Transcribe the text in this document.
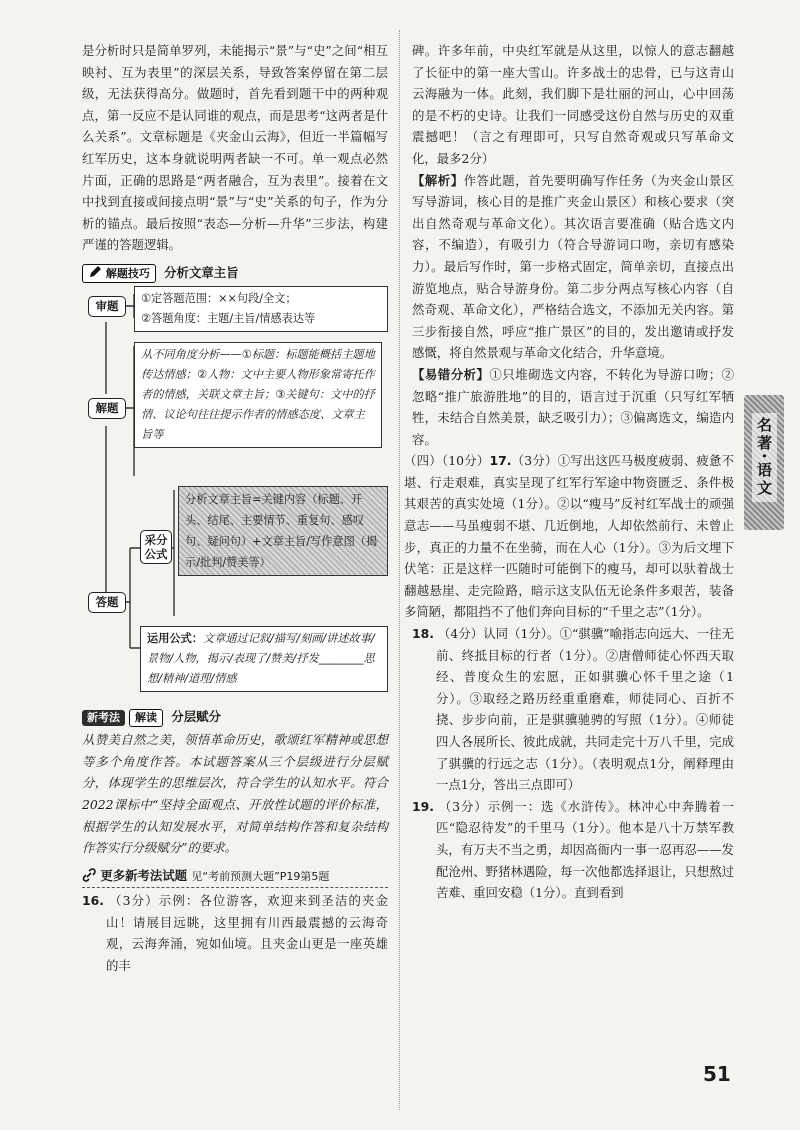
是分析时只是简单罗列，未能揭示“景”与“史”之间“相互映衬、互为表里”的深层关系，导致答案停留在第二层级，无法获得高分。做题时，首先看到题干中的两种观点，第一反应不是认同谁的观点，而是思考“这两者是什么关系”。文章标题是《夹金山云海》，但近一半篇幅写红军历史，这本身就说明两者缺一不可。单一观点必然片面，正确的思路是“两者融合，互为表里”。接着在文中找到直接或间接点明“景”与“史”关系的句子，作为分析的锚点。最后按照“表态—分析—升华”三步法，构建严谨的答题逻辑。

解题技巧 分析文章主旨
审题
①定答题范围：××句段/全文；
②答题角度：主题/主旨/情感表达等
解题
从不同角度分析——①标题：标题能概括主题地传达情感；②人物：文中主要人物形象常寄托作者的情感，关联文章主旨；③关键句：文中的抒情、议论句往往提示作者的情感态度、文章主旨等
采分公式
分析文章主旨=关键内容（标题、开头、结尾、主要情节、重复句、感叹句、疑问句）+文章主旨/写作意图（揭示/批判/赞美等）
答题
运用公式：文章通过记叙/描写/刻画/讲述故事/景物/人物，揭示/表现了/赞美/抒发________思想/精神/道理/情感
新考法 解读 分层赋分

从赞美自然之美，领悟革命历史，歌颂红军精神或思想等多个角度作答。本试题答案从三个层级进行分层赋分，体现学生的思维层次，符合学生的认知水平。符合2022课标中“坚持全面观点、开放性试题的评价标准，根据学生的认知发展水平，对简单结构作答和复杂结构作答实行分级赋分”的要求。

更多新考法试题 见“考前预测大题”P19第5题

16. （3分）示例：各位游客，欢迎来到圣洁的夹金山！请展目远眺，这里拥有川西最震撼的云海奇观，云海奔涌，宛如仙境。且夹金山更是一座英雄的丰

碑。许多年前，中央红军就是从这里，以惊人的意志翻越了长征中的第一座大雪山。许多战士的忠骨，已与这青山云海融为一体。此刻，我们脚下是壮丽的河山，心中回荡的是不朽的史诗。让我们一同感受这份自然与历史的双重震撼吧！（言之有理即可，只写自然奇观或只写革命文化，最多2分）

【解析】作答此题，首先要明确写作任务（为夹金山景区写导游词，核心目的是推广夹金山景区）和核心要求（突出自然奇观与革命文化）。其次语言要准确（贴合选文内容，不编造），有吸引力（符合导游词口吻，亲切有感染力）。最后写作时，第一步格式固定，简单亲切，直接点出游览地点，贴合导游身份。第二步分两点写核心内容（自然奇观、革命文化），严格结合选文，不添加无关内容。第三步衔接自然，呼应“推广景区”的目的，发出邀请或抒发感慨，将自然景观与革命文化结合，升华意境。

【易错分析】①只堆砌选文内容，不转化为导游口吻；②忽略“推广旅游胜地”的目的，语言过于沉重（只写红军牺牲，未结合自然美景，缺乏吸引力）；③偏离选文，编造内容。

（四）（10分）17.（3分）①写出这匹马极度疲弱、疲惫不堪、行走艰难，真实呈现了红军行军途中物资匮乏、条件极其艰苦的真实处境（1分）。②以“瘦马”反衬红军战士的顽强意志——马虽瘦弱不堪、几近倒地，人却依然前行、未曾止步，真正的力量不在坐骑，而在人心（1分）。③为后文埋下伏笔：正是这样一匹随时可能倒下的瘦马，却可以驮着战士翻越悬崖、走完险路，暗示这支队伍无论条件多艰苦，装备多简陋，都阻挡不了他们奔向目标的“千里之志”（1分）。

18. （4分）认同（1分）。①“骐骥”喻指志向远大、一往无前、终抵目标的行者（1分）。②唐僧师徒心怀西天取经、普度众生的宏愿，正如骐骥心怀千里之途（1分）。③取经之路历经重重磨难，师徒同心、百折不挠、步步向前，正是骐骥驰骋的写照（1分）。④师徒四人各展所长、彼此成就，共同走完十万八千里，完成了骐骥的行远之志（1分）。（表明观点1分，阐释理由一点1分，答出三点即可）

19. （3分）示例一：选《水浒传》。林冲心中奔腾着一匹“隐忍待发”的千里马（1分）。他本是八十万禁军教头，有万夫不当之勇，却因高衙内一事一忍再忍——发配沧州、野猪林遇险，每一次他都选择退让，只想熬过苦难、重回安稳（1分）。直到看到

名著·语文
51
